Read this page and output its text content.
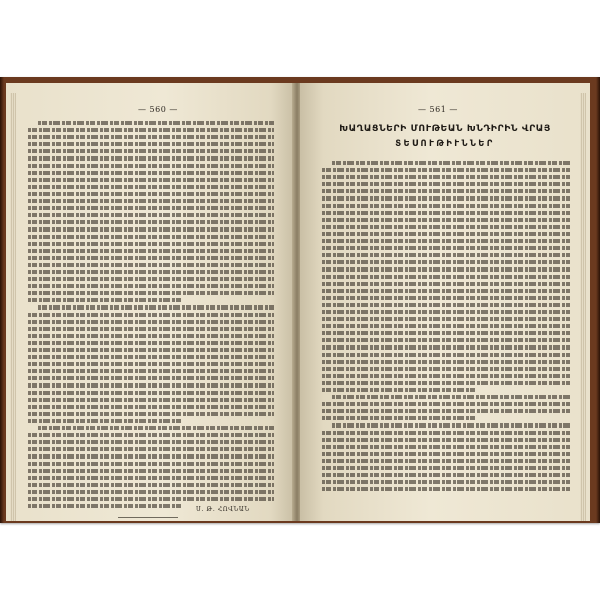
— 560 —
Ս. Թ. ՀՈՎՆԱՆ
— 561 —
ԽԱՂԱՑՆԵՐԻ ՄՈՒԹԵԱՆ ԽՆԴԻՐԻՆ ՎՐԱՅ
ՏԵՍՈՒԹԻՒՆՆԵՐ
